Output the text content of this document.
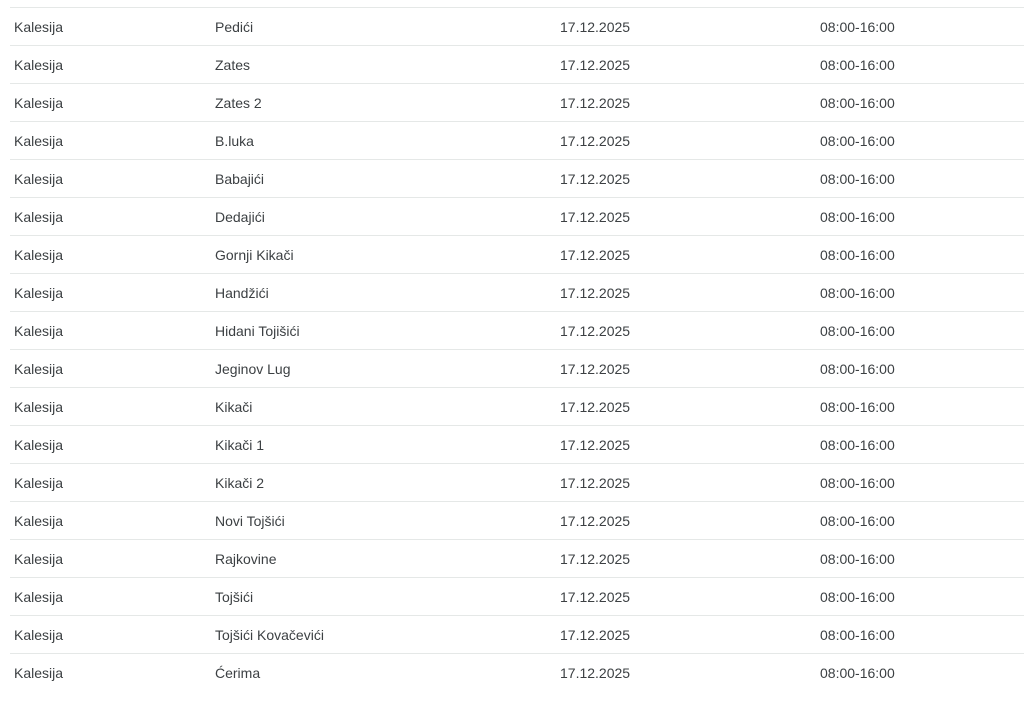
Kalesija	Pedići	17.12.2025	08:00-16:00
Kalesija	Zates	17.12.2025	08:00-16:00
Kalesija	Zates 2	17.12.2025	08:00-16:00
Kalesija	B.luka	17.12.2025	08:00-16:00
Kalesija	Babajići	17.12.2025	08:00-16:00
Kalesija	Dedajići	17.12.2025	08:00-16:00
Kalesija	Gornji Kikači	17.12.2025	08:00-16:00
Kalesija	Handžići	17.12.2025	08:00-16:00
Kalesija	Hidani Tojišići	17.12.2025	08:00-16:00
Kalesija	Jeginov Lug	17.12.2025	08:00-16:00
Kalesija	Kikači	17.12.2025	08:00-16:00
Kalesija	Kikači 1	17.12.2025	08:00-16:00
Kalesija	Kikači 2	17.12.2025	08:00-16:00
Kalesija	Novi Tojšići	17.12.2025	08:00-16:00
Kalesija	Rajkovine	17.12.2025	08:00-16:00
Kalesija	Tojšići	17.12.2025	08:00-16:00
Kalesija	Tojšići Kovačevići	17.12.2025	08:00-16:00
Kalesija	Ćerima	17.12.2025	08:00-16:00
